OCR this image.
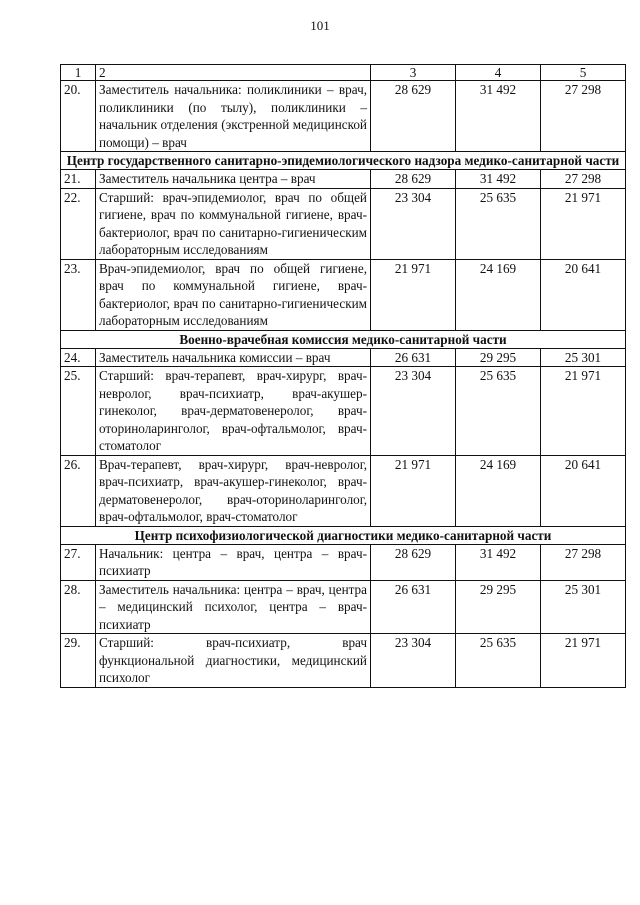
101
1	2	3	4	5
20.	Заместитель начальника: поликлиники – врач, поликлиники (по тылу), поликлиники – начальник отделения (экстренной медицинской помощи) – врач	28 629	31 492	27 298
Центр государственного санитарно-эпидемиологического надзора медико-санитарной части				
21.	Заместитель начальника центра – врач	28 629	31 492	27 298
22.	Старший: врач-эпидемиолог, врач по общей гигиене, врач по коммунальной гигиене, врач-бактериолог, врач по санитарно-гигиеническим лабораторным исследованиям	23 304	25 635	21 971
23.	Врач-эпидемиолог, врач по общей гигиене, врач по коммунальной гигиене, врач-бактериолог, врач по санитарно-гигиеническим лабораторным исследованиям	21 971	24 169	20 641
Военно-врачебная комиссия медико-санитарной части				
24.	Заместитель начальника комиссии – врач	26 631	29 295	25 301
25.	Старший: врач-терапевт, врач-хирург, врач-невролог, врач-психиатр, врач-акушер-гинеколог, врач-дерматовенеролог, врач-оториноларинголог, врач-офтальмолог, врач-стоматолог	23 304	25 635	21 971
26.	Врач-терапевт, врач-хирург, врач-невролог, врач-психиатр, врач-акушер-гинеколог, врач-дерматовенеролог, врач-оториноларинголог, врач-офтальмолог, врач-стоматолог	21 971	24 169	20 641
Центр психофизиологической диагностики медико-санитарной части				
27.	Начальник: центра – врач, центра – врач-психиатр	28 629	31 492	27 298
28.	Заместитель начальника: центра – врач, центра – медицинский психолог, центра – врач-психиатр	26 631	29 295	25 301
29.	Старший: врач-психиатр, врач функциональной диагностики, медицинский психолог	23 304	25 635	21 971
